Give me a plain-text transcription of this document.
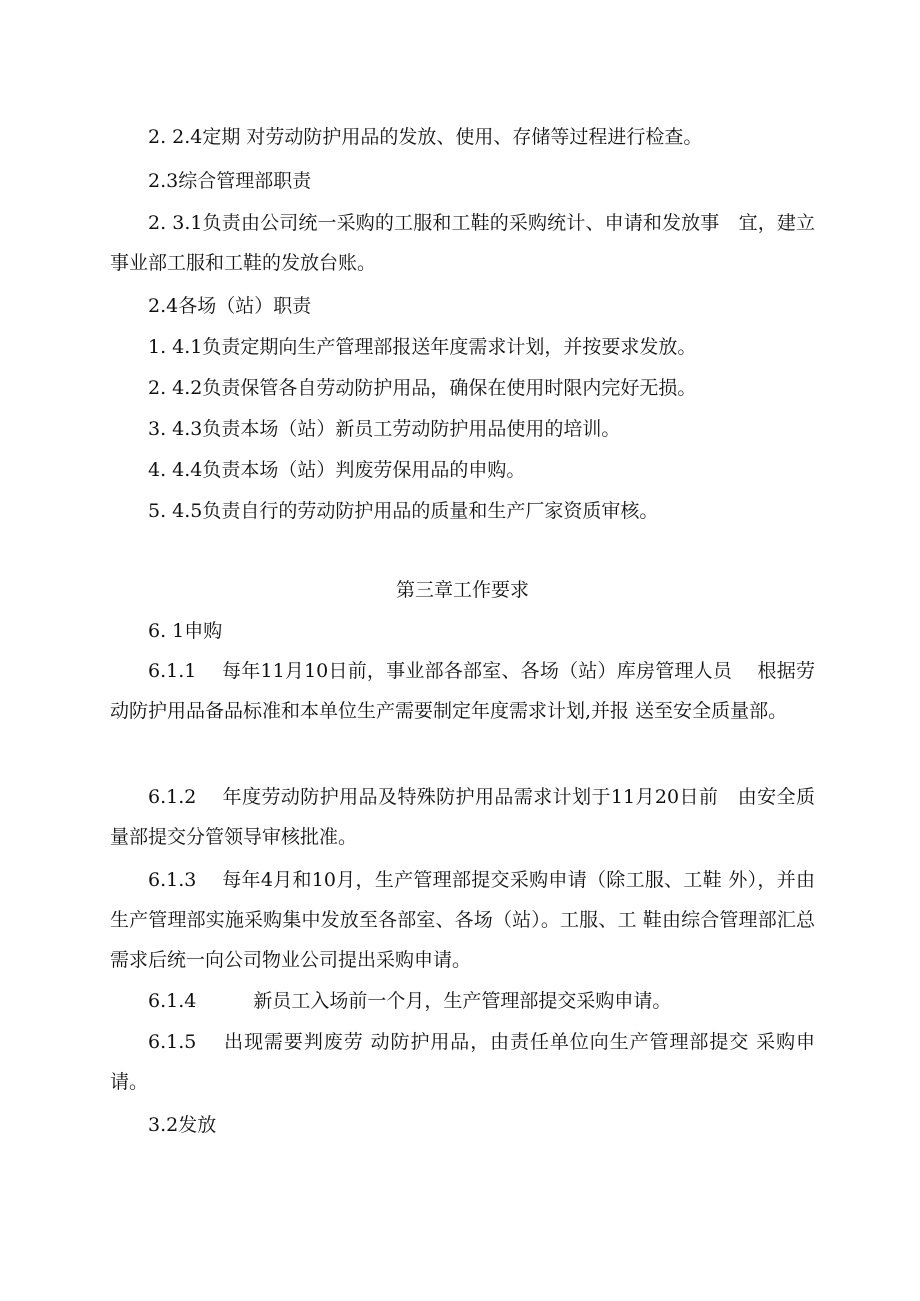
2. 2.4定期 对劳动防护用品的发放、使用、存储等过程进行检查。

2.3综合管理部职责

2. 3.1负责由公司统一采购的工服和工鞋的采购统计、申请和发放事　宜，建立事业部工服和工鞋的发放台账。

2.4各场（站）职责

1. 4.1负责定期向生产管理部报送年度需求计划，并按要求发放。

2. 4.2负责保管各自劳动防护用品，确保在使用时限内完好无损。

3. 4.3负责本场（站）新员工劳动防护用品使用的培训。

4. 4.4负责本场（站）判废劳保用品的申购。

5. 4.5负责自行的劳动防护用品的质量和生产厂家资质审核。

第三章工作要求

6. 1申购

6.1.1　 每年11月10日前，事业部各部室、各场（站）库房管理人员　 根据劳动防护用品备品标准和本单位生产需要制定年度需求计划,并报 送至安全质量部。

6.1.2　 年度劳动防护用品及特殊防护用品需求计划于11月20日前　由安全质量部提交分管领导审核批准。

6.1.3　 每年4月和10月，生产管理部提交采购申请（除工服、工鞋 外），并由生产管理部实施采购集中发放至各部室、各场（站）。工服、工 鞋由综合管理部汇总需求后统一向公司物业公司提出采购申请。

6.1.4　　　新员工入场前一个月，生产管理部提交采购申请。

6.1.5　 出现需要判废劳 动防护用品，由责任单位向生产管理部提交 采购申请。

3.2发放
